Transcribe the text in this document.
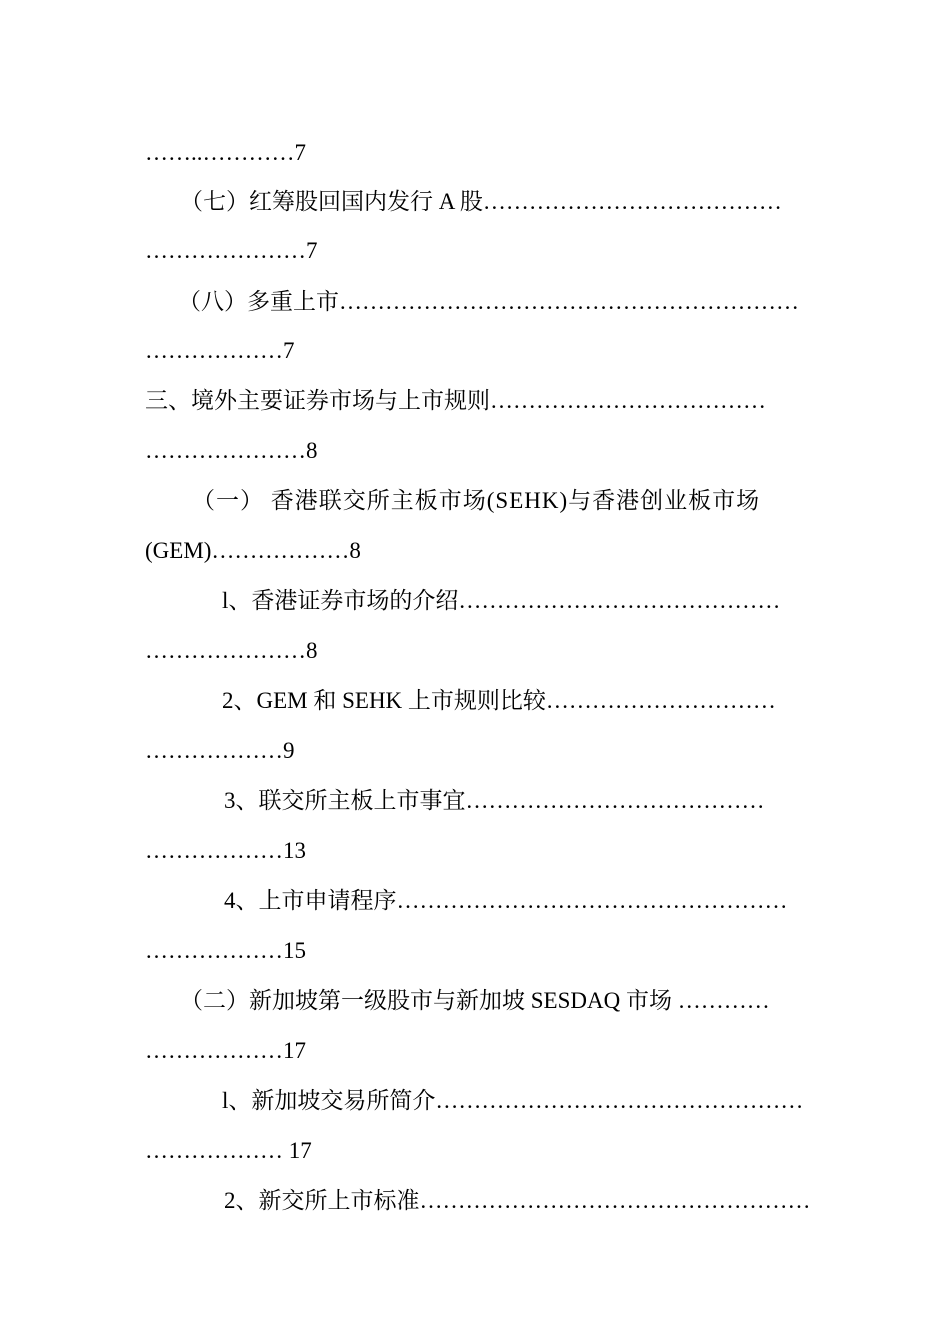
……..…………7
（七）红筹股回国内发行 A 股…………………………………
…………………7
（八）多重上市……………………………………………………
………………7
三、境外主要证券市场与上市规则………………………………
…………………8
（一） 香港联交所主板市场(SEHK)与香港创业板市场
(GEM)………………8
l、香港证券市场的介绍……………………………………
…………………8
2、GEM 和 SEHK 上市规则比较…………………………
………………9
3、联交所主板上市事宜…………………………………
………………13
4、上市申请程序……………………………………………
………………15
（二）新加坡第一级股市与新加坡 SESDAQ 市场 …………
………………17
l、新加坡交易所简介…………………………………………
……………… 17
2、新交所上市标准……………………………………………
